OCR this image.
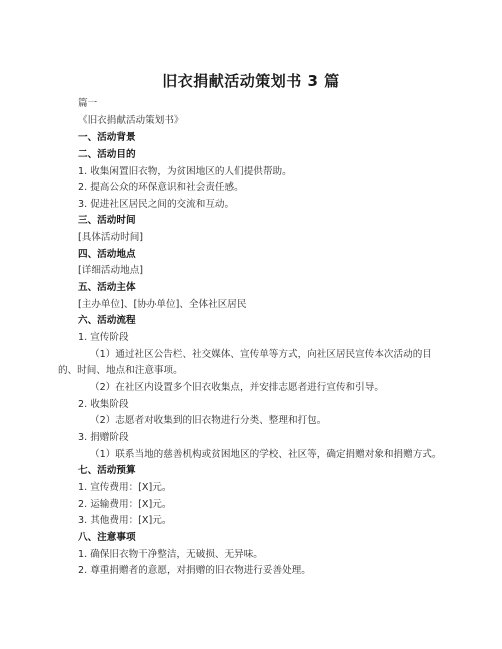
旧衣捐献活动策划书 3 篇
篇一
《旧衣捐献活动策划书》
一、活动背景
二、活动目的
1. 收集闲置旧衣物，为贫困地区的人们提供帮助。
2. 提高公众的环保意识和社会责任感。
3. 促进社区居民之间的交流和互动。
三、活动时间
[具体活动时间]
四、活动地点
[详细活动地点]
五、活动主体
[主办单位]、[协办单位]、全体社区居民
六、活动流程
1. 宣传阶段
（1）通过社区公告栏、社交媒体、宣传单等方式，向社区居民宣传本次活动的目
的、时间、地点和注意事项。
（2）在社区内设置多个旧衣收集点，并安排志愿者进行宣传和引导。
2. 收集阶段
（2）志愿者对收集到的旧衣物进行分类、整理和打包。
3. 捐赠阶段
（1）联系当地的慈善机构或贫困地区的学校、社区等，确定捐赠对象和捐赠方式。
七、活动预算
1. 宣传费用：[X]元。
2. 运输费用：[X]元。
3. 其他费用：[X]元。
八、注意事项
1. 确保旧衣物干净整洁，无破损、无异味。
2. 尊重捐赠者的意愿，对捐赠的旧衣物进行妥善处理。
